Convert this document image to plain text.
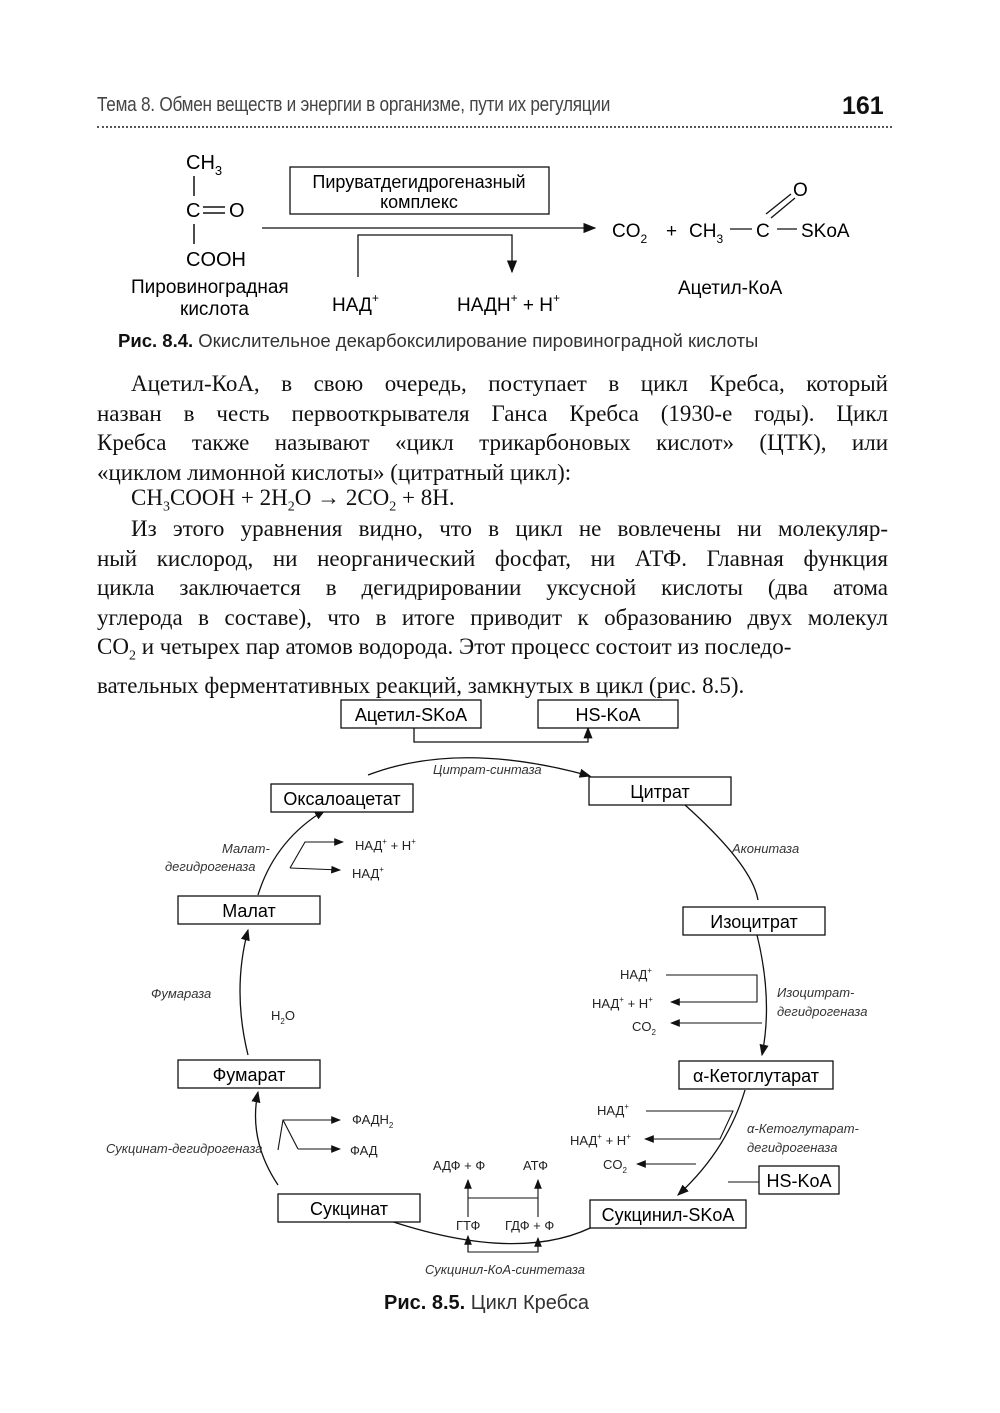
Тема 8. Обмен веществ и энергии в организме, пути их регуляции	161
$CH_3$
C O
COOH
Пировиноградная
кислота
Пируватдегидрогеназный
комплекс
НАД+	НАДН+ + H+
$CO_2 + CH_3$ C
O
SKoA
Ацетил-КоА
Рис. 8.4. Окислительное декарбоксилирование пировиноградной кислоты
Ацетил-КоА, в свою очередь, поступает в цикл Кребса, который
назван в честь первооткрывателя Ганса Кребса (1930-е годы). Цикл
Кребса также называют «цикл трикарбоновых кислот» (ЦТК), или
«циклом лимонной кислоты» (цитратный цикл):
$CH_3COOH + 2H_2O \to 2CO_2 + 8H$.
Из этого уравнения видно, что в цикл не вовлечены ни молекуляр-
ный кислород, ни неорганический фосфат, ни АТФ. Главная функция
цикла заключается в дегидрировании уксусной кислоты (два атома
углерода в составе), что в итоге приводит к образованию двух молекул
$CO_2$ и четырех пар атомов водорода. Этот процесс состоит из последо-
вательных ферментативных реакций, замкнутых в цикл (рис. 8.5).
Ацетил-SKoA	HS-KoA
Цитрат
Оксалоацетат
Изоцитрат
Малат
α-Кетоглутарат
Фумарат
Сукцинил-SKoA
Сукцинат
HS-KoA
Цитрат-синтаза
Аконитаза
Изоцитрат-
дегидрогеназа
α-Кетоглутарат-
дегидрогеназа
Сукцинил-КоА-синтетаза
Сукцинат-дегидрогеназа
Фумараза
Малат-
дегидрогеназа
НАД+ + Н+
НАД+
НАД+
НАД+ + Н+
$CO_2$
НАД+
НАД+ + Н+
$CO_2$
$H_2O$
$ФАДН_2$
ФАД
АДФ + Ф	АТФ
ГТФ ГДФ + Ф
Рис. 8.5. Цикл Кребса
